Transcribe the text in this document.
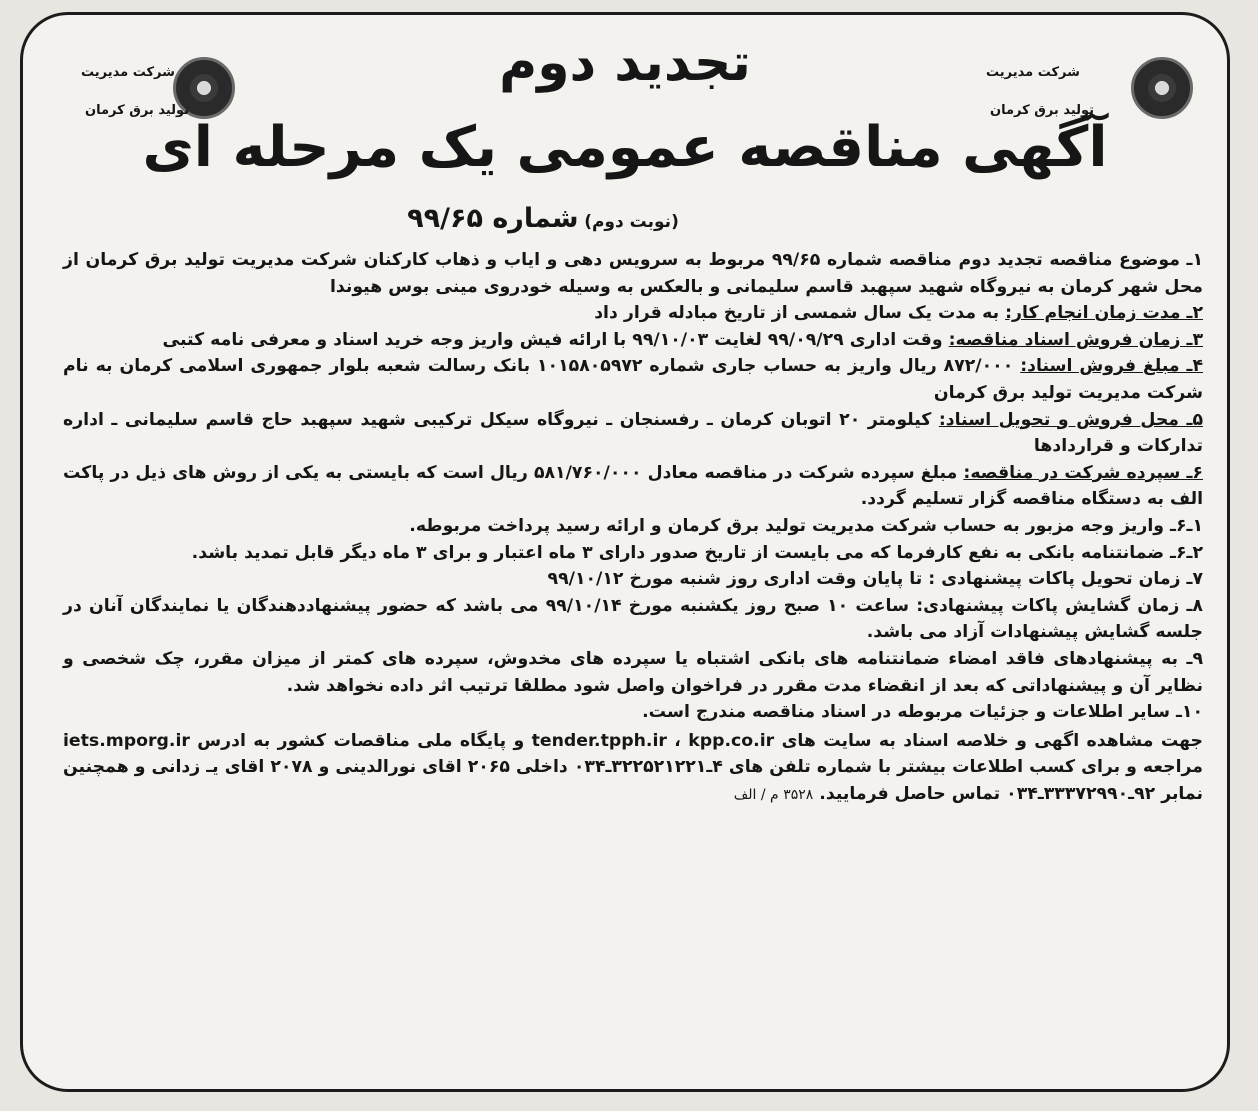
شرکت مدیریت
تولید برق کرمان
شرکت مدیریت
تولید برق کرمان
تجدید دوم
آگهی مناقصه عمومی یک مرحله ای
(نوبت دوم) شماره ۹۹/۶۵

۱ـ موضوع مناقصه تجدید دوم مناقصه شماره ۹۹/۶۵ مربوط به سرویس دهی و ایاب و ذهاب کارکنان شرکت مدیریت تولید برق کرمان از محل شهر کرمان به نیروگاه شهید سپهبد قاسم سلیمانی و بالعکس به وسیله خودروی مینی بوس هیوندا

۲ـ مدت زمان انجام کار: به مدت یک سال شمسی از تاریخ مبادله قرار داد

۳ـ زمان فروش اسناد مناقصه: وقت اداری ۹۹/۰۹/۲۹ لغایت ۹۹/۱۰/۰۳ با ارائه فیش واریز وجه خرید اسناد و معرفی نامه کتبی

۴ـ مبلغ فروش اسناد: ۸۷۲/۰۰۰ ریال واریز به حساب جاری شماره ۱۰۱۵۸۰۵۹۷۲ بانک رسالت شعبه بلوار جمهوری اسلامی کرمان به نام شرکت مدیریت تولید برق کرمان

۵ـ محل فروش و تحویل اسناد: کیلومتر ۲۰ اتوبان کرمان ـ رفسنجان ـ نیروگاه سیکل ترکیبی شهید سپهبد حاج قاسم سلیمانی ـ اداره تدارکات و قراردادها

۶ـ سپرده شرکت در مناقصه: مبلغ سپرده شرکت در مناقصه معادل ۵۸۱/۷۶۰/۰۰۰ ریال است که بایستی به یکی از روش های ذیل در پاکت الف به دستگاه مناقصه گزار تسلیم گردد.

۱ـ۶ـ واریز وجه مزبور به حساب شرکت مدیریت تولید برق کرمان و ارائه رسید پرداخت مربوطه.

۲ـ۶ـ ضمانتنامه بانکی به نفع کارفرما که می بایست از تاریخ صدور دارای ۳ ماه اعتبار و برای ۳ ماه دیگر قابل تمدید باشد.

۷ـ زمان تحویل پاکات پیشنهادی : تا پایان وقت اداری روز شنبه مورخ ۹۹/۱۰/۱۲

۸ـ زمان گشایش پاکات پیشنهادی: ساعت ۱۰ صبح روز یکشنبه مورخ ۹۹/۱۰/۱۴ می باشد که حضور پیشنهاددهندگان یا نمایندگان آنان در جلسه گشایش پیشنهادات آزاد می باشد.

۹ـ به پیشنهادهای فاقد امضاء ضمانتنامه های بانکی اشتباه یا سپرده های مخدوش، سپرده های کمتر از میزان مقرر، چک شخصی و نظایر آن و پیشنهاداتی که بعد از انقضاء مدت مقرر در فراخوان واصل شود مطلقا ترتیب اثر داده نخواهد شد.

۱۰ـ سایر اطلاعات و جزئیات مربوطه در اسناد مناقصه مندرج است.

جهت مشاهده اگهی و خلاصه اسناد به سایت های tender.tpph.ir ، kpp.co.ir و پایگاه ملی مناقصات کشور به ادرس iets.mporg.ir مراجعه و برای کسب اطلاعات بیشتر با شماره تلفن های ۴ـ۳۲۲۵۲۱۲۲۱ـ۰۳۴ داخلی ۲۰۶۵ اقای نورالدینی و ۲۰۷۸ اقای یـ زدانی و همچنین نمابر ۹۲ـ۳۳۳۷۲۹۹۰ـ۰۳۴ تماس حاصل فرمایید. ۳۵۲۸ م / الف
